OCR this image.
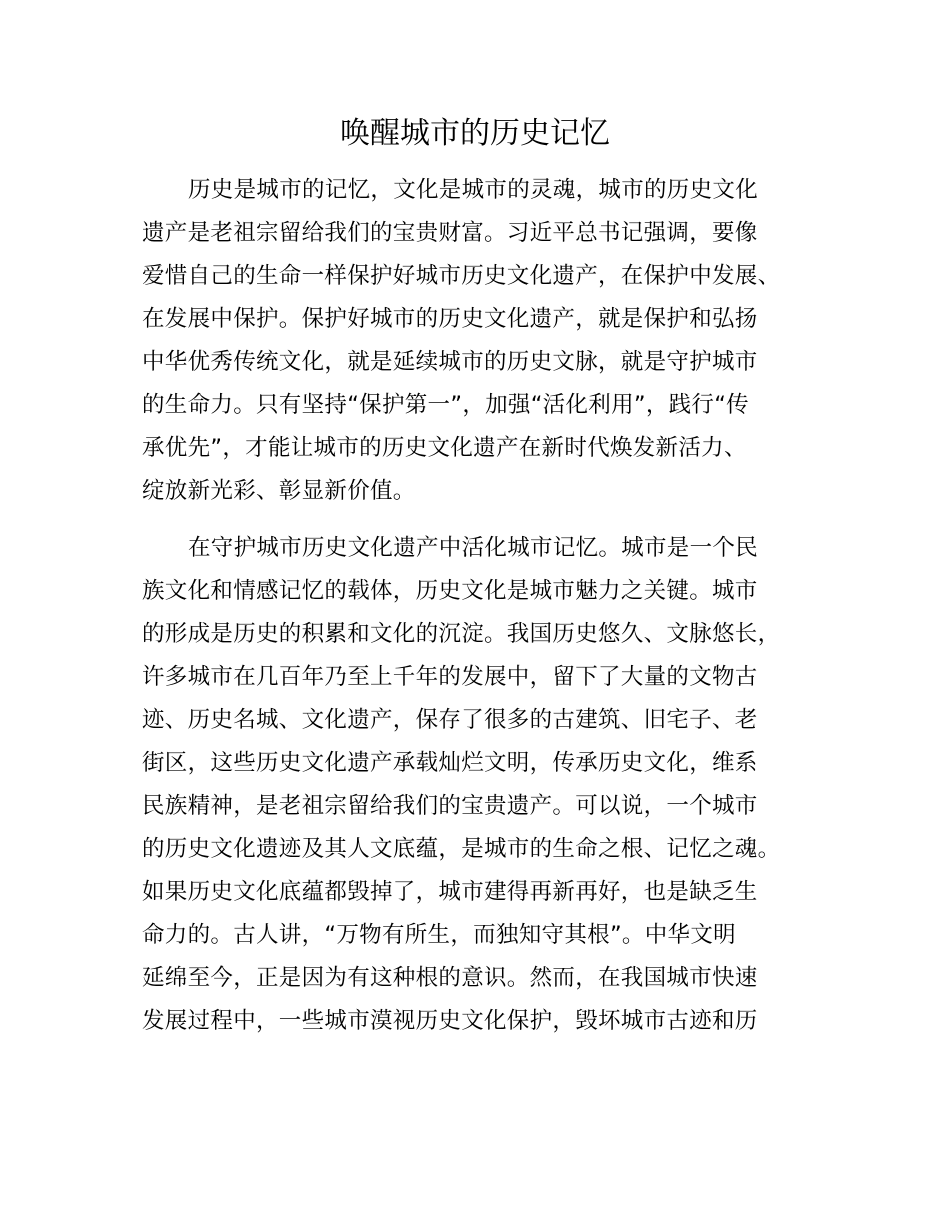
唤醒城市的历史记忆
历史是城市的记忆，文化是城市的灵魂，城市的历史文化
遗产是老祖宗留给我们的宝贵财富。习近平总书记强调，要像
爱惜自己的生命一样保护好城市历史文化遗产，在保护中发展、
在发展中保护。保护好城市的历史文化遗产，就是保护和弘扬
中华优秀传统文化，就是延续城市的历史文脉，就是守护城市
的生命力。只有坚持“保护第一”，加强“活化利用”，践行“传
承优先”，才能让城市的历史文化遗产在新时代焕发新活力、
绽放新光彩、彰显新价值。
在守护城市历史文化遗产中活化城市记忆。城市是一个民
族文化和情感记忆的载体，历史文化是城市魅力之关键。城市
的形成是历史的积累和文化的沉淀。我国历史悠久、文脉悠长，
许多城市在几百年乃至上千年的发展中，留下了大量的文物古
迹、历史名城、文化遗产，保存了很多的古建筑、旧宅子、老
街区，这些历史文化遗产承载灿烂文明，传承历史文化，维系
民族精神，是老祖宗留给我们的宝贵遗产。可以说，一个城市
的历史文化遗迹及其人文底蕴，是城市的生命之根、记忆之魂。
如果历史文化底蕴都毁掉了，城市建得再新再好，也是缺乏生
命力的。古人讲，“万物有所生，而独知守其根”。中华文明
延绵至今，正是因为有这种根的意识。然而，在我国城市快速
发展过程中，一些城市漠视历史文化保护，毁坏城市古迹和历
